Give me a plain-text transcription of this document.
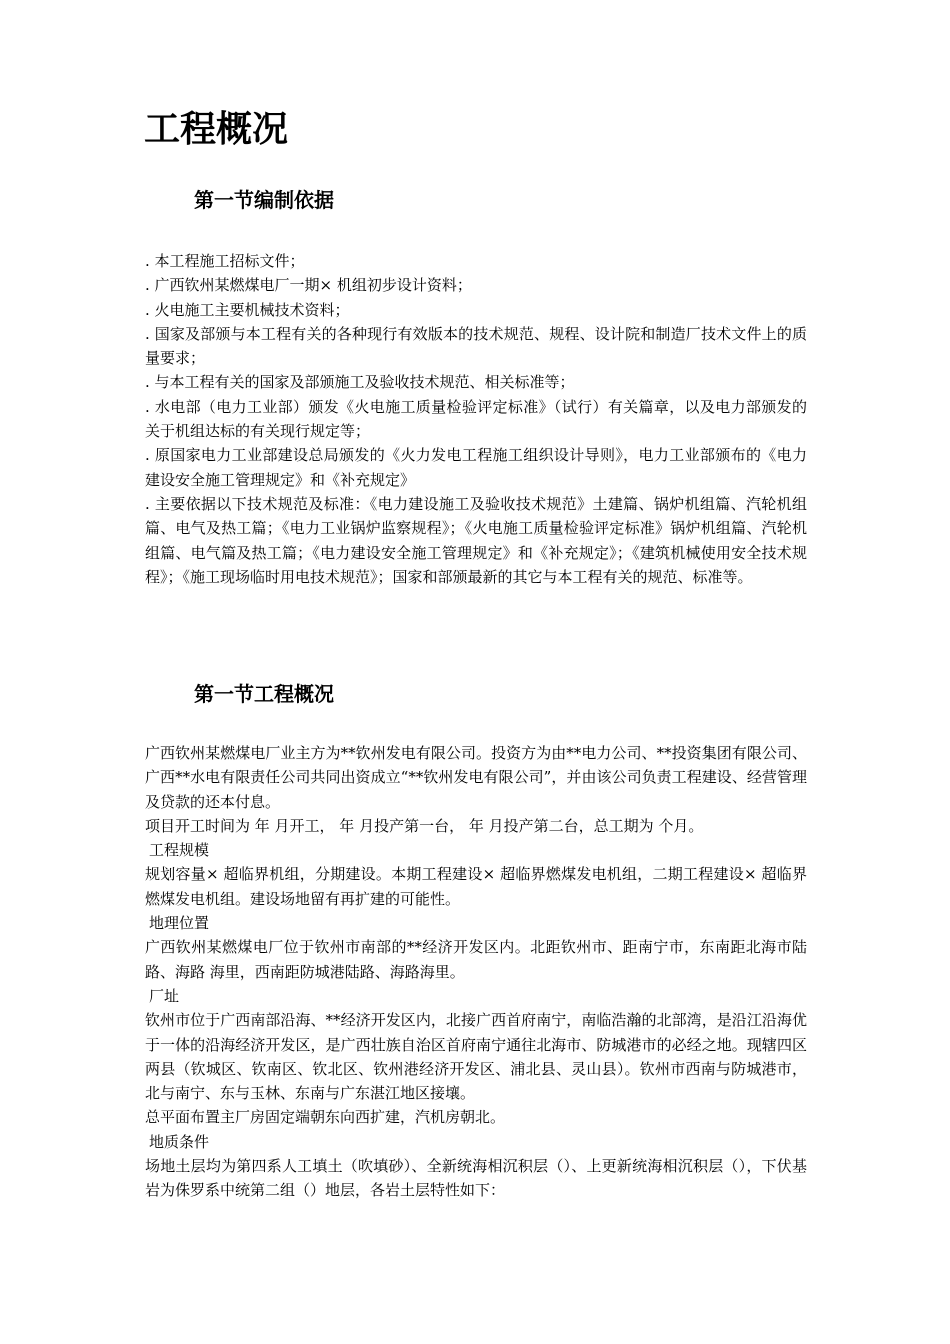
工程概况
第一节编制依据

. 本工程施工招标文件；

. 广西钦州某燃煤电厂一期× 机组初步设计资料；

. 火电施工主要机械技术资料；

. 国家及部颁与本工程有关的各种现行有效版本的技术规范、规程、设计院和制造厂技术文件上的质量要求；

. 与本工程有关的国家及部颁施工及验收技术规范、相关标准等；

. 水电部（电力工业部）颁发《火电施工质量检验评定标准》（试行）有关篇章，以及电力部颁发的关于机组达标的有关现行规定等；

. 原国家电力工业部建设总局颁发的《火力发电工程施工组织设计导则》，电力工业部颁布的《电力建设安全施工管理规定》和《补充规定》

. 主要依据以下技术规范及标准：《电力建设施工及验收技术规范》土建篇、锅炉机组篇、汽轮机组篇、电气及热工篇；《电力工业锅炉监察规程》；《火电施工质量检验评定标准》锅炉机组篇、汽轮机组篇、电气篇及热工篇；《电力建设安全施工管理规定》和《补充规定》；《建筑机械使用安全技术规程》；《施工现场临时用电技术规范》；国家和部颁最新的其它与本工程有关的规范、标准等。

第一节工程概况

广西钦州某燃煤电厂业主方为**钦州发电有限公司。投资方为由**电力公司、**投资集团有限公司、广西**水电有限责任公司共同出资成立“**钦州发电有限公司”，并由该公司负责工程建设、经营管理及贷款的还本付息。

项目开工时间为 年 月开工， 年 月投产第一台， 年 月投产第二台，总工期为 个月。

工程规模

规划容量× 超临界机组，分期建设。本期工程建设× 超临界燃煤发电机组，二期工程建设× 超临界燃煤发电机组。建设场地留有再扩建的可能性。

地理位置

广西钦州某燃煤电厂位于钦州市南部的**经济开发区内。北距钦州市、距南宁市，东南距北海市陆路、海路 海里，西南距防城港陆路、海路海里。

厂址

钦州市位于广西南部沿海、**经济开发区内，北接广西首府南宁，南临浩瀚的北部湾，是沿江沿海优于一体的沿海经济开发区，是广西壮族自治区首府南宁通往北海市、防城港市的必经之地。现辖四区两县（钦城区、钦南区、钦北区、钦州港经济开发区、浦北县、灵山县）。钦州市西南与防城港市，北与南宁、东与玉林、东南与广东湛江地区接壤。

总平面布置主厂房固定端朝东向西扩建，汽机房朝北。

地质条件

场地土层均为第四系人工填土（吹填砂）、全新统海相沉积层（）、上更新统海相沉积层（），下伏基岩为侏罗系中统第二组（）地层，各岩土层特性如下：
